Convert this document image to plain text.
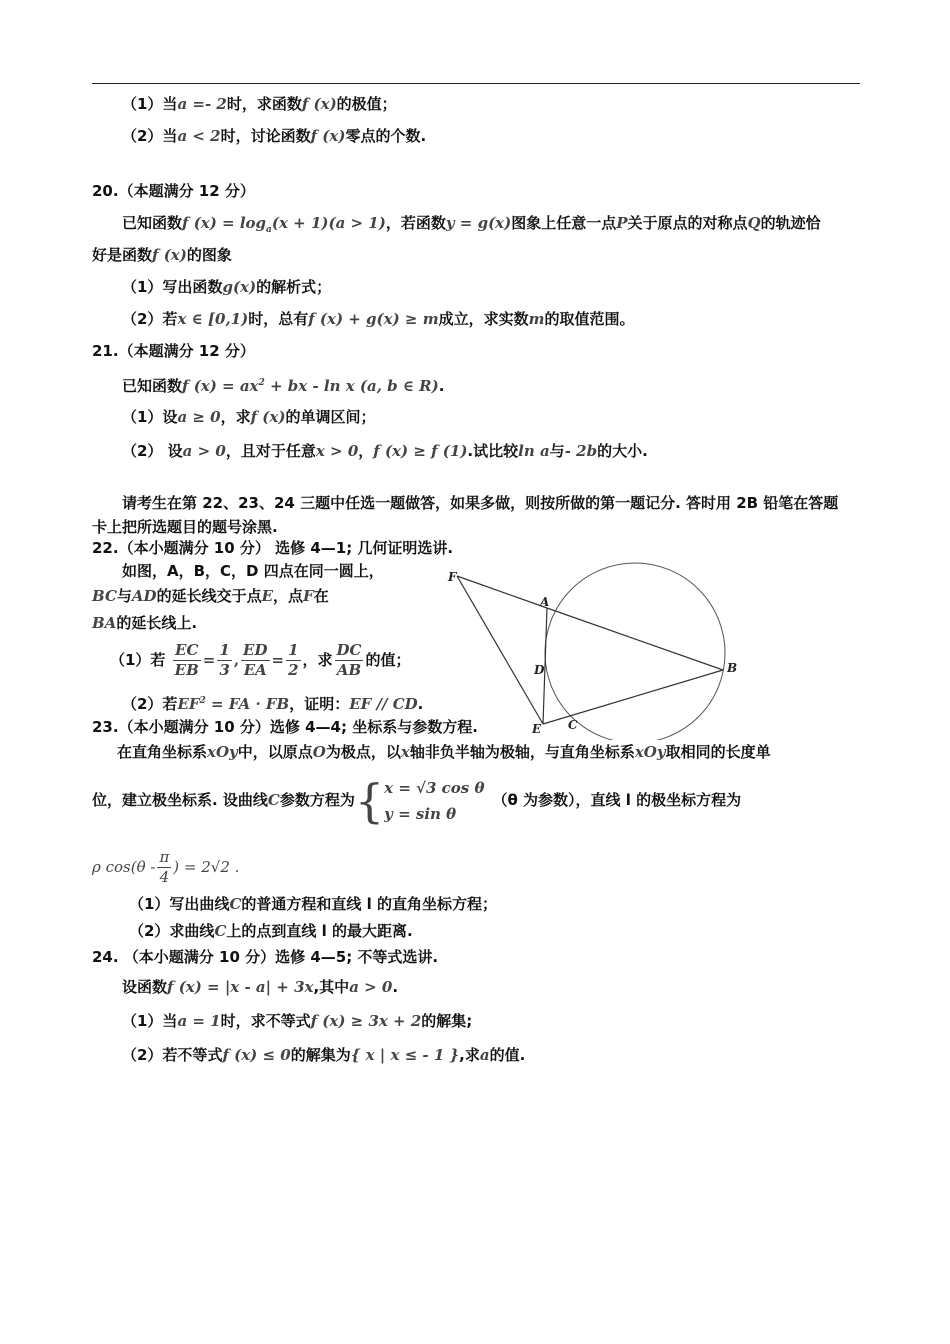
（1）当a =- 2时，求函数f (x)的极值；
（2）当a < 2时，讨论函数f (x)零点的个数.
20.（本题满分 12 分）
已知函数f $(x) = \log_a(x + 1)(a > 1)$，若函数y = g(x)图象上任意一点P关于原点的对称点Q的轨迹恰
好是函数f (x)的图象
（1）写出函数g(x)的解析式；
（2）若x ∈ [0,1)时，总有f (x) + g(x) ≥ m成立，求实数m的取值范围。
21.（本题满分 12 分）
已知函数f $(x) = ax^2$ + bx - ln x (a, b ∈ R).
（1）设a ≥ 0，求f (x)的单调区间；
（2） 设a > 0，且对于任意x > 0，f (x) ≥ f (1).试比较ln a与- 2b的大小.
请考生在第 22、23、24 三题中任选一题做答，如果多做，则按所做的第一题记分. 答时用 2B 铅笔在答题
卡上把所选题目的题号涂黑.
22.（本小题满分 10 分） 选修 4—1; 几何证明选讲.
如图，A，B，C，D 四点在同一圆上，
BC与AD的延长线交于点E，点F在
BA的延长线上.
（1）若 $\frac{EC}{EB} = \frac{1}{3}$ , $\frac{ED}{EA} = \frac{1}{2}$ ，求 $\frac{DC}{AB}$ 的值；
（2）若$EF^2$ = FA · FB，证明：EF // CD.
F
A
D	B
E C
23.（本小题满分 10 分）选修 4—4; 坐标系与参数方程.
在直角坐标系xOy中，以原点O为极点，以x轴非负半轴为极轴，与直角坐标系xOy取相同的长度单
位，建立极坐标系. 设曲线C参数方程为{ x = √3 cos θ
y = sin θ
（θ 为参数），直线 l 的极坐标方程为
ρ $\cos(\theta - \frac{\pi}{4}$ ) = 2√2 .
（1）写出曲线C的普通方程和直线 l 的直角坐标方程；
（2）求曲线C上的点到直线 l 的最大距离.
24. （本小题满分 10 分）选修 4—5; 不等式选讲.
设函数f (x) = |x - a| + 3x,其中a > 0.
（1）当a = 1时，求不等式f (x) ≥ 3x + 2的解集;
（2）若不等式f (x) ≤ 0的解集为{ x | x ≤ - 1 },求a的值.
